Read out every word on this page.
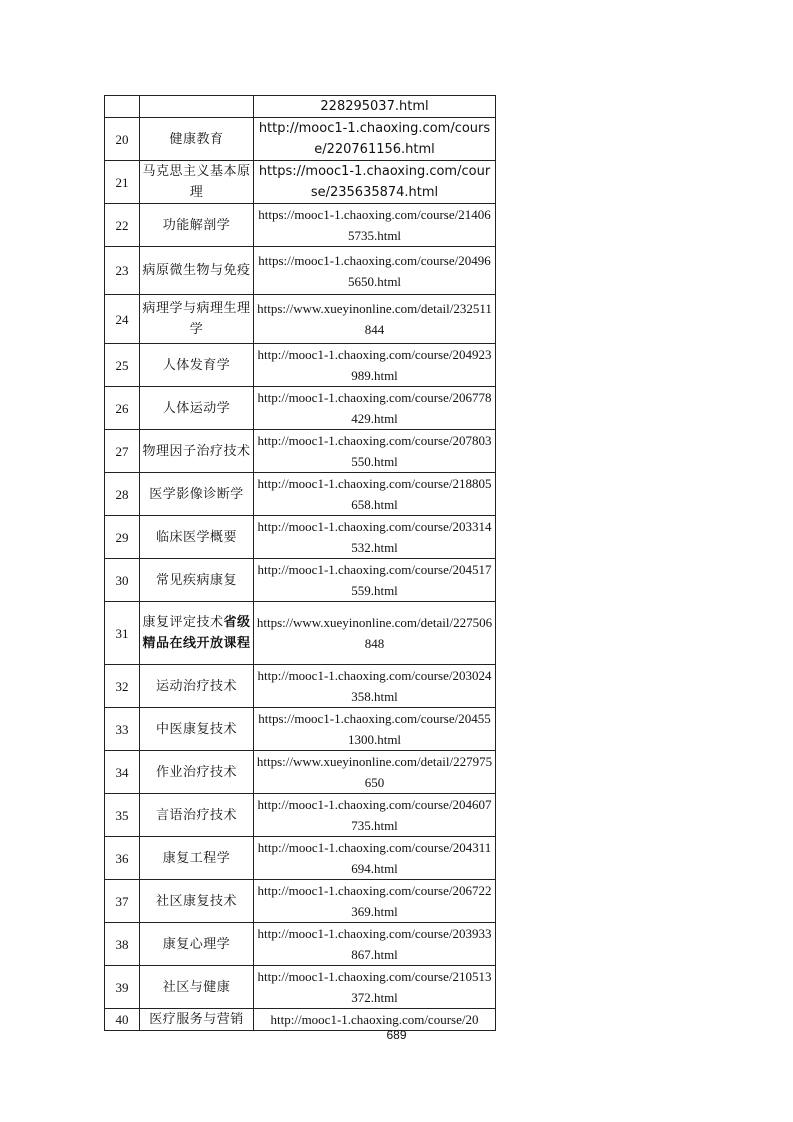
		228295037.html
20	健康教育	http://mooc1-1.chaoxing.com/course/220761156.html
21	马克思主义基本原理	https://mooc1-1.chaoxing.com/course/235635874.html
22	功能解剖学	https://mooc1-1.chaoxing.com/course/214065735.html
23	病原微生物与免疫	https://mooc1-1.chaoxing.com/course/204965650.html
24	病理学与病理生理学	https://www.xueyinonline.com/detail/232511844
25	人体发育学	http://mooc1-1.chaoxing.com/course/204923989.html
26	人体运动学	http://mooc1-1.chaoxing.com/course/206778429.html
27	物理因子治疗技术	http://mooc1-1.chaoxing.com/course/207803550.html
28	医学影像诊断学	http://mooc1-1.chaoxing.com/course/218805658.html
29	临床医学概要	http://mooc1-1.chaoxing.com/course/203314532.html
30	常见疾病康复	http://mooc1-1.chaoxing.com/course/204517559.html
31	康复评定技术省级精品在线开放课程	https://www.xueyinonline.com/detail/227506848
32	运动治疗技术	http://mooc1-1.chaoxing.com/course/203024358.html
33	中医康复技术	https://mooc1-1.chaoxing.com/course/204551300.html
34	作业治疗技术	https://www.xueyinonline.com/detail/227975650
35	言语治疗技术	http://mooc1-1.chaoxing.com/course/204607735.html
36	康复工程学	http://mooc1-1.chaoxing.com/course/204311694.html
37	社区康复技术	http://mooc1-1.chaoxing.com/course/206722369.html
38	康复心理学	http://mooc1-1.chaoxing.com/course/203933867.html
39	社区与健康	http://mooc1-1.chaoxing.com/course/210513372.html
40	医疗服务与营销	http://mooc1-1.chaoxing.com/course/20
689
